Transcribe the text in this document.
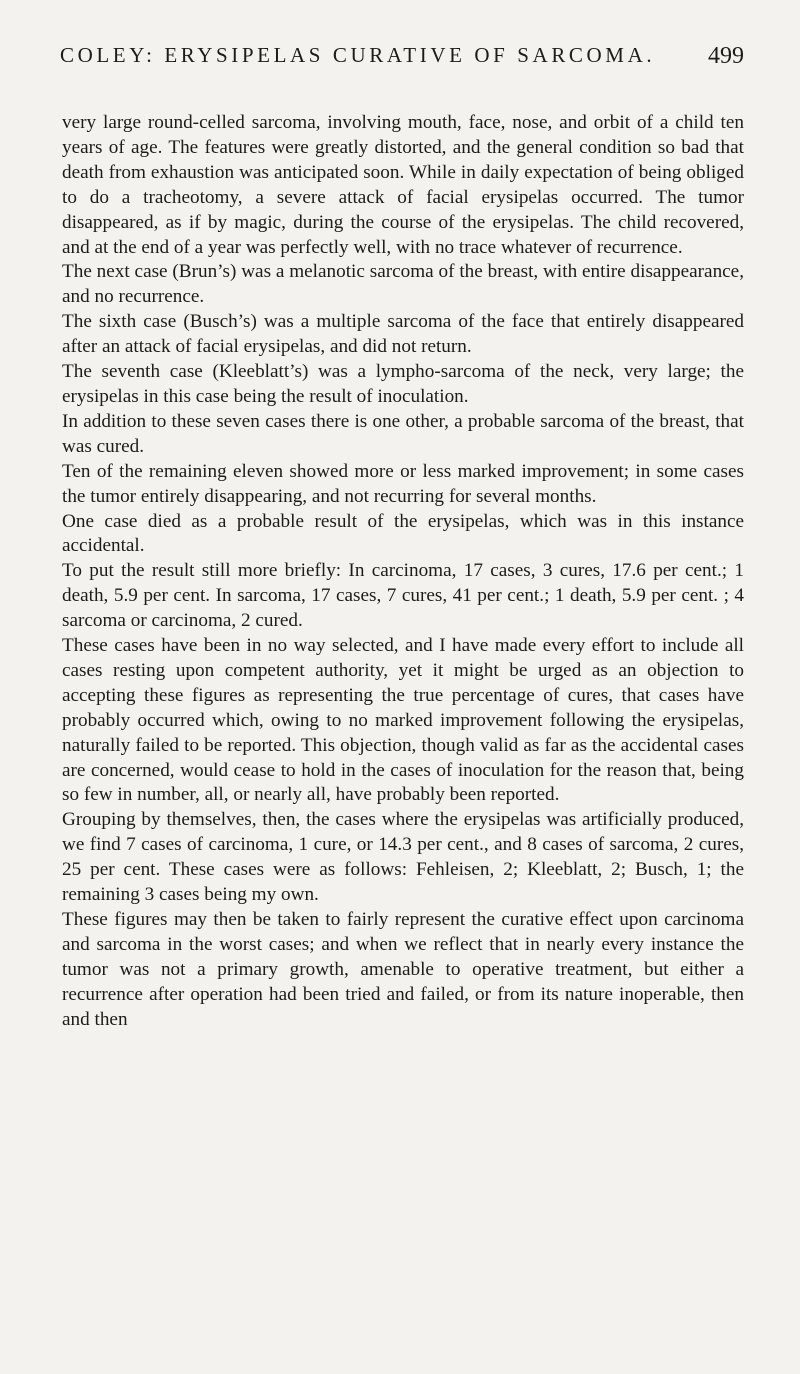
COLEY: ERYSIPELAS CURATIVE OF SARCOMA. 499

very large round-celled sarcoma, involving mouth, face, nose, and orbit of a child ten years of age. The features were greatly distorted, and the general condition so bad that death from exhaustion was anticipated soon. While in daily expectation of being obliged to do a tracheotomy, a severe attack of facial erysipelas occurred. The tumor disappeared, as if by magic, during the course of the erysipelas. The child recovered, and at the end of a year was perfectly well, with no trace whatever of recurrence.

The next case (Brun’s) was a melanotic sarcoma of the breast, with entire disappearance, and no recurrence.

The sixth case (Busch’s) was a multiple sarcoma of the face that entirely disappeared after an attack of facial erysipelas, and did not return.

The seventh case (Kleeblatt’s) was a lympho-sarcoma of the neck, very large; the erysipelas in this case being the result of inoculation.

In addition to these seven cases there is one other, a probable sarcoma of the breast, that was cured.

Ten of the remaining eleven showed more or less marked improvement; in some cases the tumor entirely disappearing, and not recurring for several months.

One case died as a probable result of the erysipelas, which was in this instance accidental.

To put the result still more briefly: In carcinoma, 17 cases, 3 cures, 17.6 per cent.; 1 death, 5.9 per cent. In sarcoma, 17 cases, 7 cures, 41 per cent.; 1 death, 5.9 per cent. ; 4 sarcoma or carcinoma, 2 cured.

These cases have been in no way selected, and I have made every effort to include all cases resting upon competent authority, yet it might be urged as an objection to accepting these figures as representing the true percentage of cures, that cases have probably occurred which, owing to no marked improvement following the erysipelas, naturally failed to be reported. This objection, though valid as far as the accidental cases are concerned, would cease to hold in the cases of inoculation for the reason that, being so few in number, all, or nearly all, have probably been reported.

Grouping by themselves, then, the cases where the erysipelas was artificially produced, we find 7 cases of carcinoma, 1 cure, or 14.3 per cent., and 8 cases of sarcoma, 2 cures, 25 per cent. These cases were as follows: Fehleisen, 2; Kleeblatt, 2; Busch, 1; the remaining 3 cases being my own.

These figures may then be taken to fairly represent the curative effect upon carcinoma and sarcoma in the worst cases; and when we reflect that in nearly every instance the tumor was not a primary growth, amenable to operative treatment, but either a recurrence after operation had been tried and failed, or from its nature inoperable, then and then
